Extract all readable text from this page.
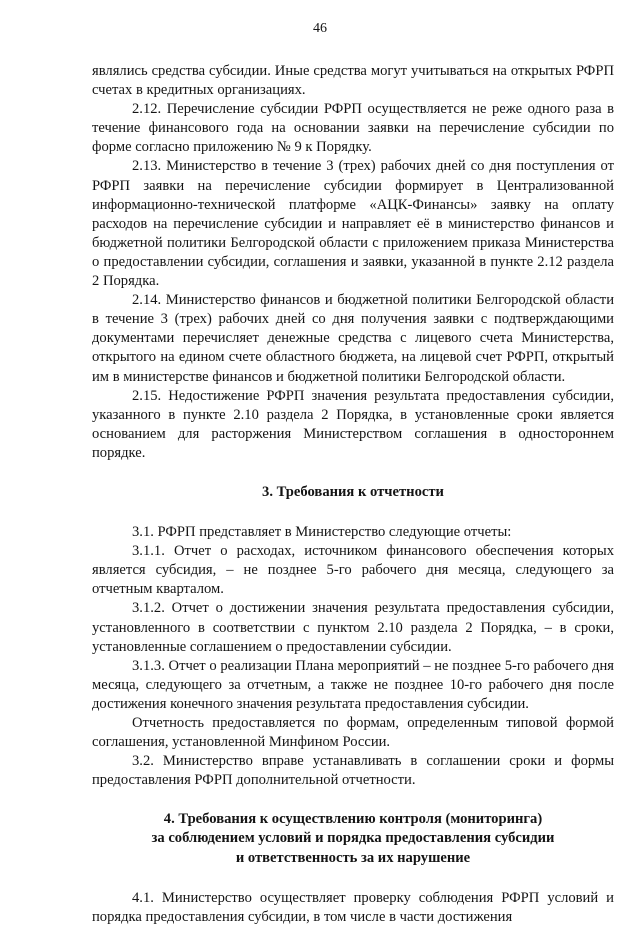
46

являлись средства субсидии. Иные средства могут учитываться на открытых РФРП счетах в кредитных организациях.

2.12. Перечисление субсидии РФРП осуществляется не реже одного раза в течение финансового года на основании заявки на перечисление субсидии по форме согласно приложению № 9 к Порядку.

2.13. Министерство в течение 3 (трех) рабочих дней со дня поступления от РФРП заявки на перечисление субсидии формирует в Централизованной информационно-технической платформе «АЦК-Финансы» заявку на оплату расходов на перечисление субсидии и направляет её в министерство финансов и бюджетной политики Белгородской области с приложением приказа Министерства о предоставлении субсидии, соглашения и заявки, указанной в пункте 2.12 раздела 2 Порядка.

2.14. Министерство финансов и бюджетной политики Белгородской области в течение 3 (трех) рабочих дней со дня получения заявки с подтверждающими документами перечисляет денежные средства с лицевого счета Министерства, открытого на едином счете областного бюджета, на лицевой счет РФРП, открытый им в министерстве финансов и бюджетной политики Белгородской области.

2.15. Недостижение РФРП значения результата предоставления субсидии, указанного в пункте 2.10 раздела 2 Порядка, в установленные сроки является основанием для расторжения Министерством соглашения в одностороннем порядке.

3. Требования к отчетности

3.1. РФРП представляет в Министерство следующие отчеты:

3.1.1. Отчет о расходах, источником финансового обеспечения которых является субсидия, – не позднее 5-го рабочего дня месяца, следующего за отчетным кварталом.

3.1.2. Отчет о достижении значения результата предоставления субсидии, установленного в соответствии с пунктом 2.10 раздела 2 Порядка, – в сроки, установленные соглашением о предоставлении субсидии.

3.1.3. Отчет о реализации Плана мероприятий – не позднее 5-го рабочего дня месяца, следующего за отчетным, а также не позднее 10-го рабочего дня после достижения конечного значения результата предоставления субсидии.

Отчетность предоставляется по формам, определенным типовой формой соглашения, установленной Минфином России.

3.2. Министерство вправе устанавливать в соглашении сроки и формы предоставления РФРП дополнительной отчетности.

4. Требования к осуществлению контроля (мониторинга)

за соблюдением условий и порядка предоставления субсидии

и ответственность за их нарушение

4.1. Министерство осуществляет проверку соблюдения РФРП условий и порядка предоставления субсидии, в том числе в части достижения
